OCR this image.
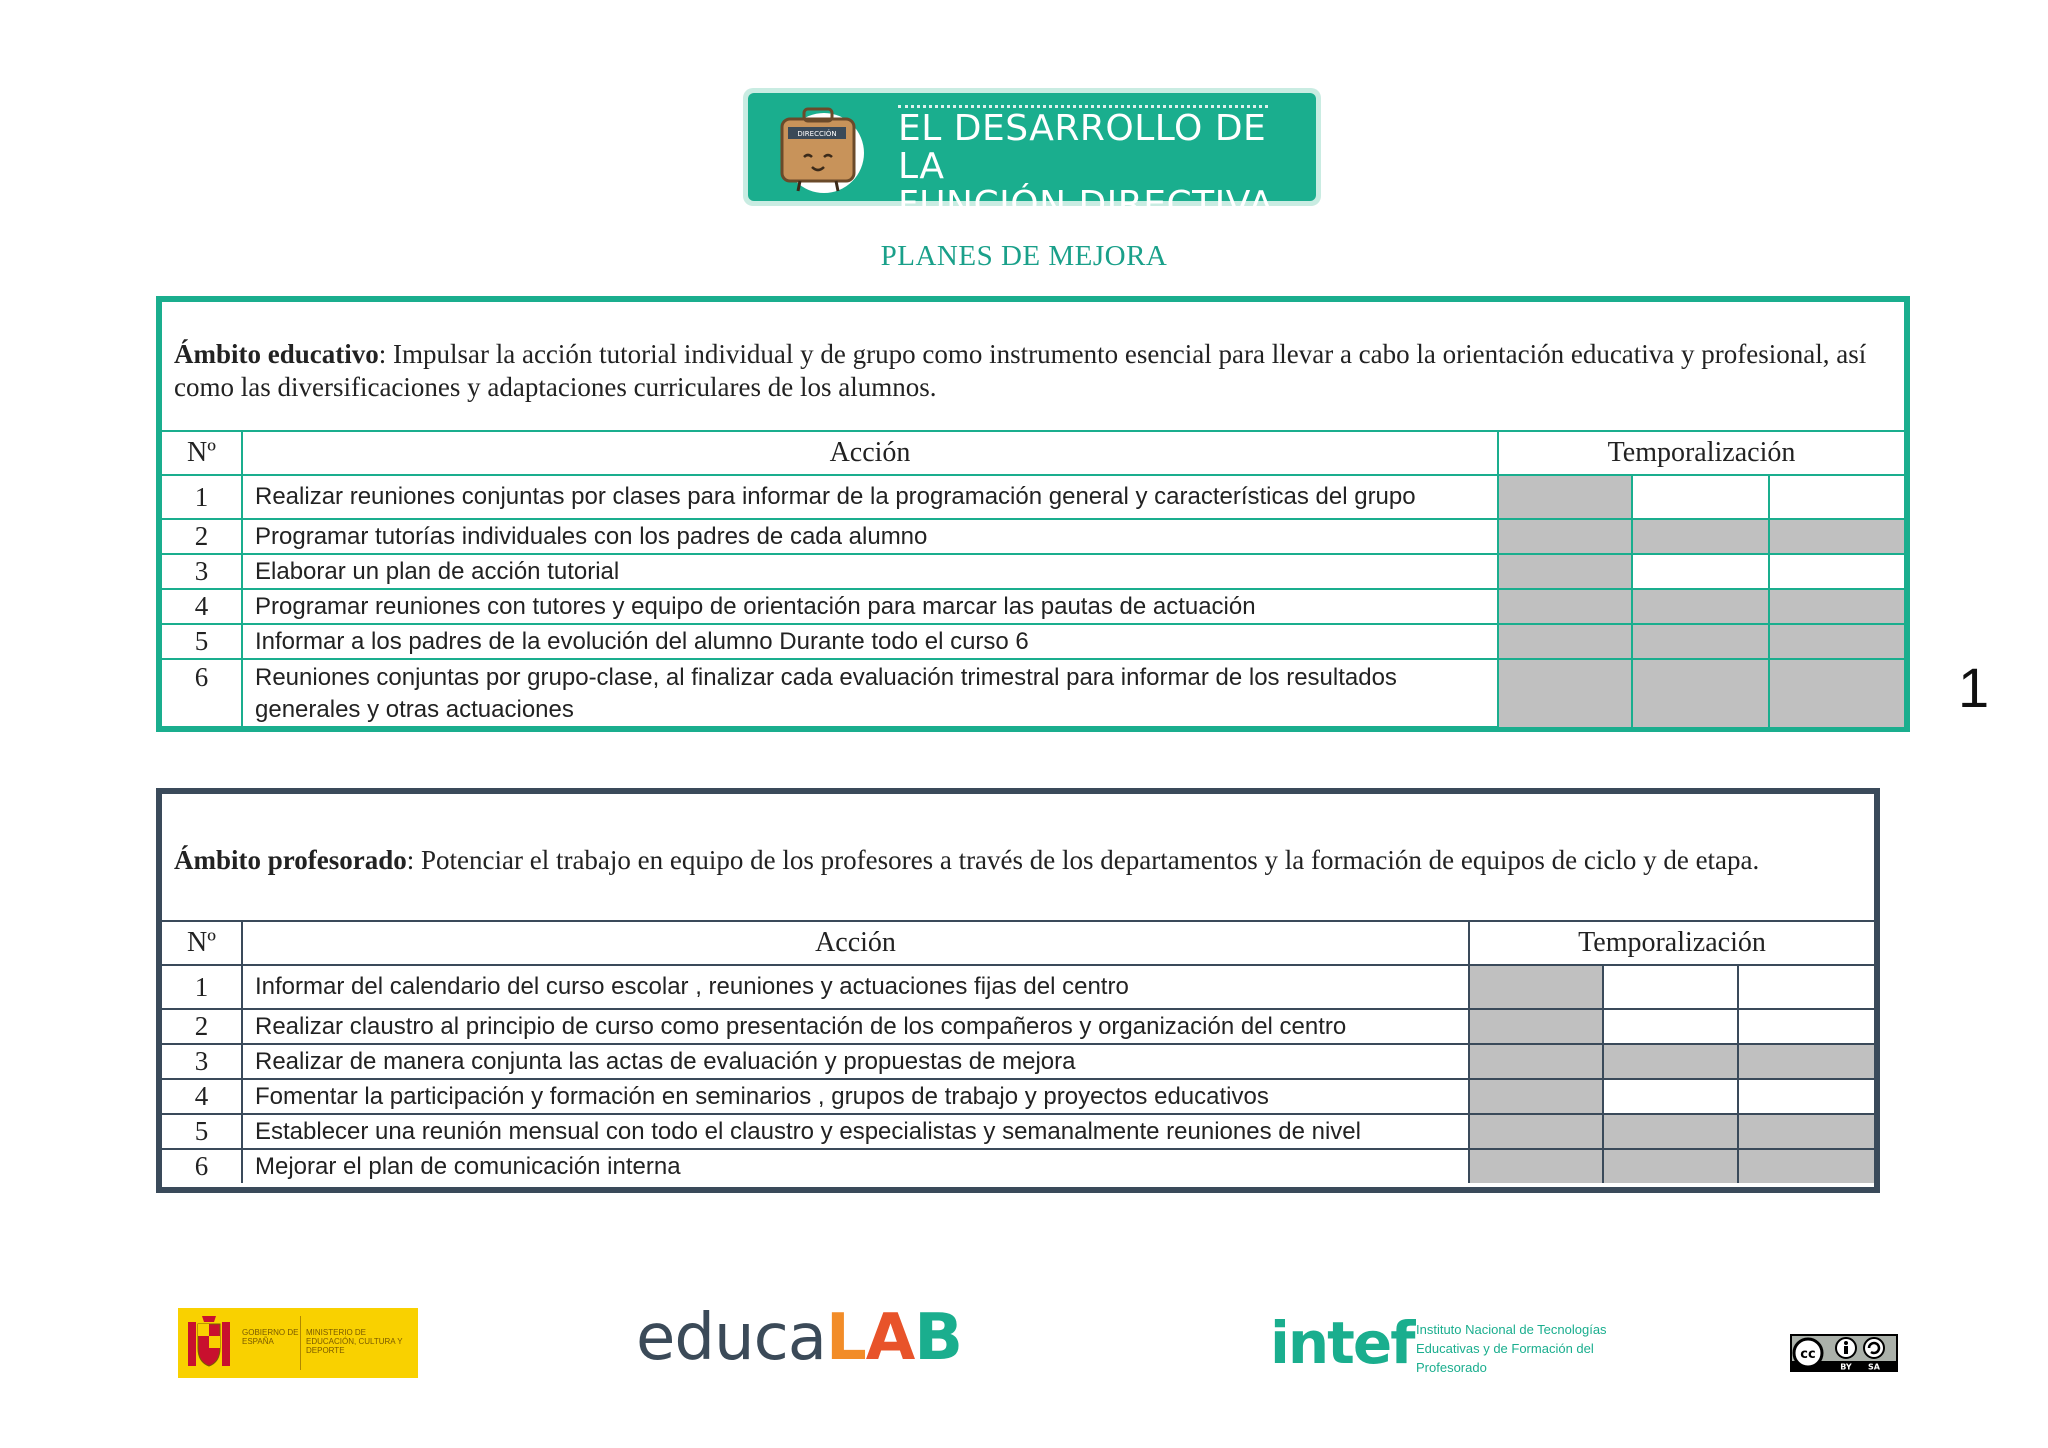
DIRECCIÓN EL DESARROLLO DE LA
FUNCIÓN DIRECTIVA
PLANES DE MEJORA
1
Ámbito educativo: Impulsar la acción tutorial individual y de grupo como instrumento esencial para llevar a cabo la orientación educativa y profesional, así como las diversificaciones y adaptaciones curriculares de los alumnos.
Nº	Acción	Temporalización		
1	Realizar reuniones conjuntas por clases para informar de la programación general y características del grupo			
2	Programar tutorías individuales con los padres de cada alumno			
3	Elaborar un plan de acción tutorial			
4	Programar reuniones con tutores y equipo de orientación para marcar las pautas de actuación			
5	Informar a los padres de la evolución del alumno Durante todo el curso 6			
6	Reuniones conjuntas por grupo-clase, al finalizar cada evaluación trimestral para informar de los resultados generales y otras actuaciones			
Ámbito profesorado: Potenciar el trabajo en equipo de los profesores a través de los departamentos y la formación de equipos de ciclo y de etapa.
Nº	Acción	Temporalización		
1	Informar del calendario del curso escolar , reuniones y actuaciones fijas del centro			
2	Realizar claustro al principio de curso como presentación de los compañeros y organización del centro			
3	Realizar de manera conjunta las actas de evaluación y propuestas de mejora			
4	Fomentar la participación y formación en seminarios , grupos de trabajo y proyectos educativos			
5	Establecer una reunión mensual con todo el claustro y especialistas y semanalmente reuniones de nivel			
6	Mejorar el plan de comunicación interna			
GOBIERNO DE ESPAÑA
MINISTERIO DE EDUCACIÓN, CULTURA Y DEPORTE	educaLAB	intef Instituto Nacional de Tecnologías Educativas y de Formación del Profesorado
cc
BY SA
